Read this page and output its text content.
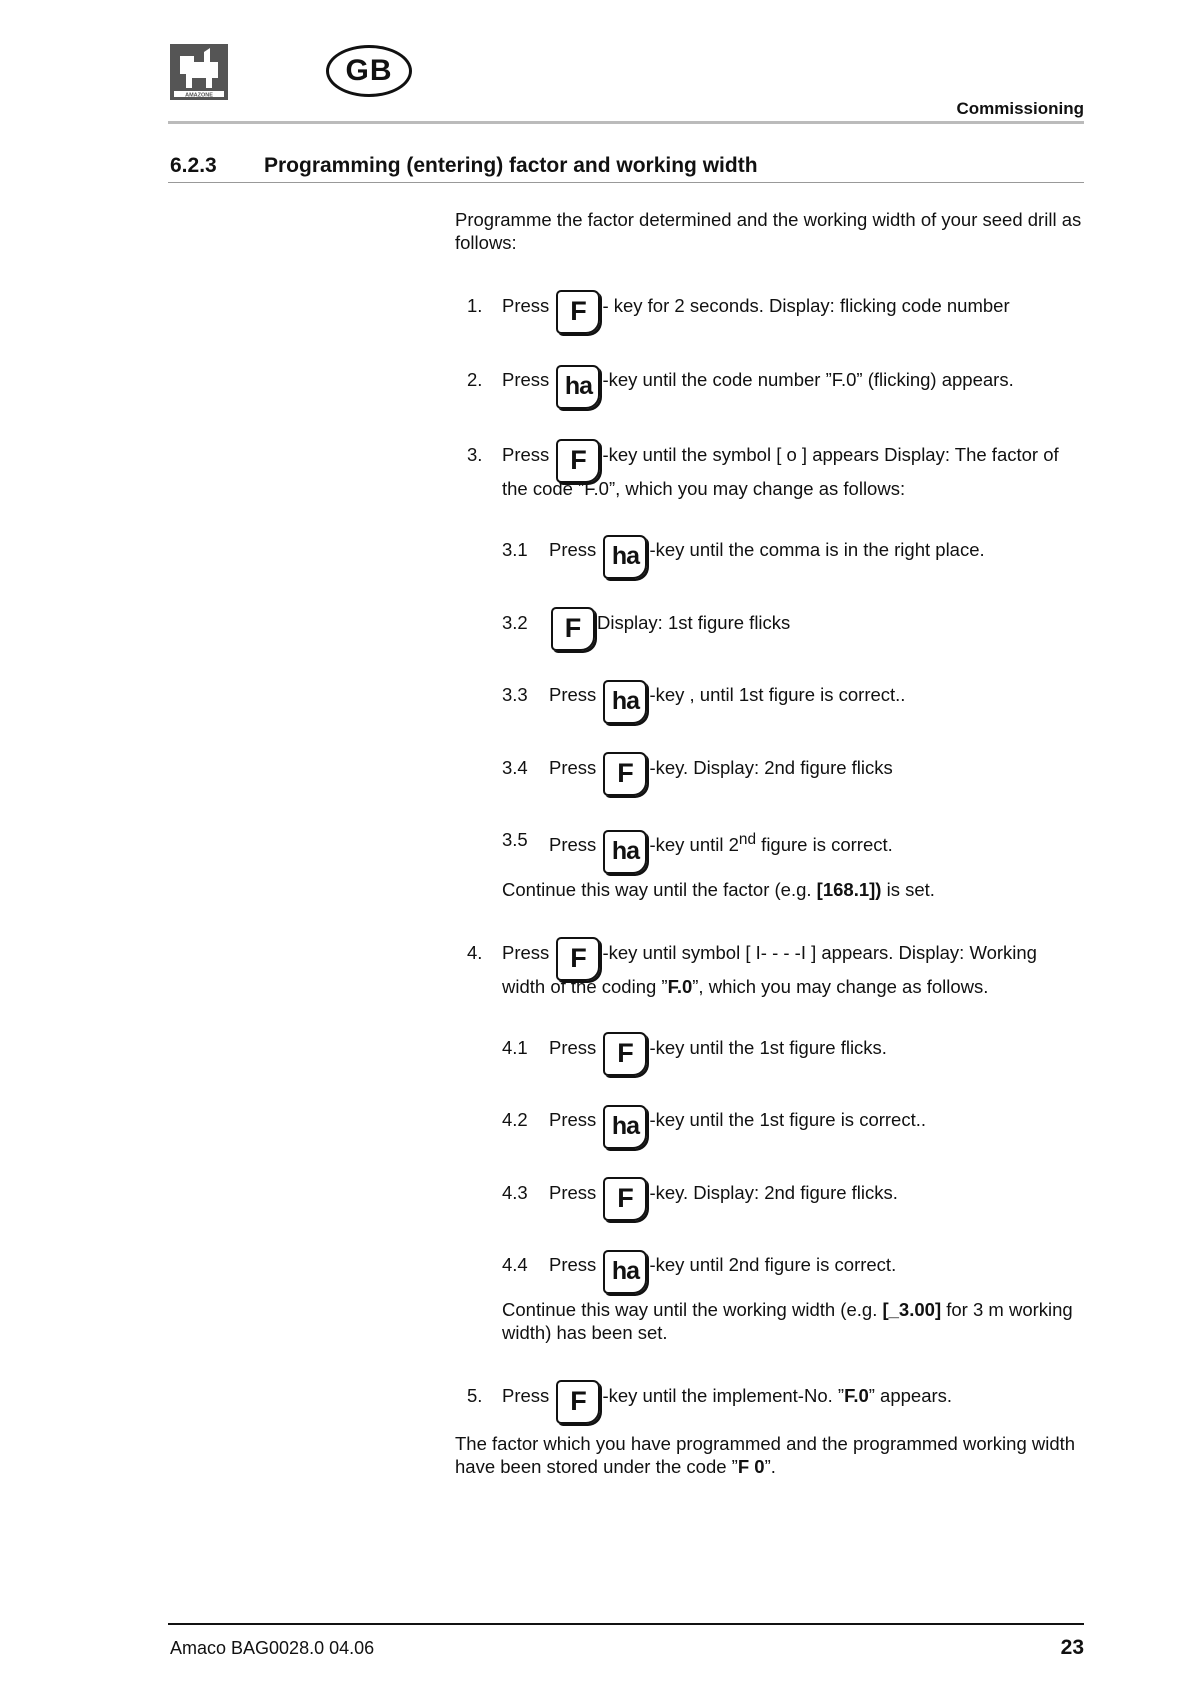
AMAZONE
GB
Commissioning
6.2.3 Programming (entering) factor and working width

Programme the factor determined and the working width of your seed drill as follows:

1.	Press F - key for 2 seconds. Display: flicking code number
2.	Press ha -key until the code number ”F.0” (flicking) appears.
3.	Press F -key until the symbol [ o ] appears Display: The factor of the code ”F.0”, which you may change as follows:
3.1	Press ha -key until the comma is in the right place.
3.2	F Display: 1st figure flicks
3.3	Press ha -key , until 1st figure is correct..
3.4	Press F -key. Display: 2nd figure flicks
3.5	Press ha -key until 2nd figure is correct.
Continue this way until the factor (e.g. [168.1]) is set.
4.	Press F -key until symbol [ I- - - -I ] appears. Display: Working width of the coding ”F.0”, which you may change as follows.
4.1	Press F -key until the 1st figure flicks.
4.2	Press ha -key until the 1st figure is correct..
4.3	Press F -key. Display: 2nd figure flicks.
4.4	Press ha -key until 2nd figure is correct.
Continue this way until the working width (e.g. [_3.00] for 3 m working width) has been set.
5.	Press F -key until the implement-No. ”F.0” appears.

The factor which you have programmed and the programmed working width have been stored under the code ”F 0”.

Amaco BAG0028.0 04.06	23
